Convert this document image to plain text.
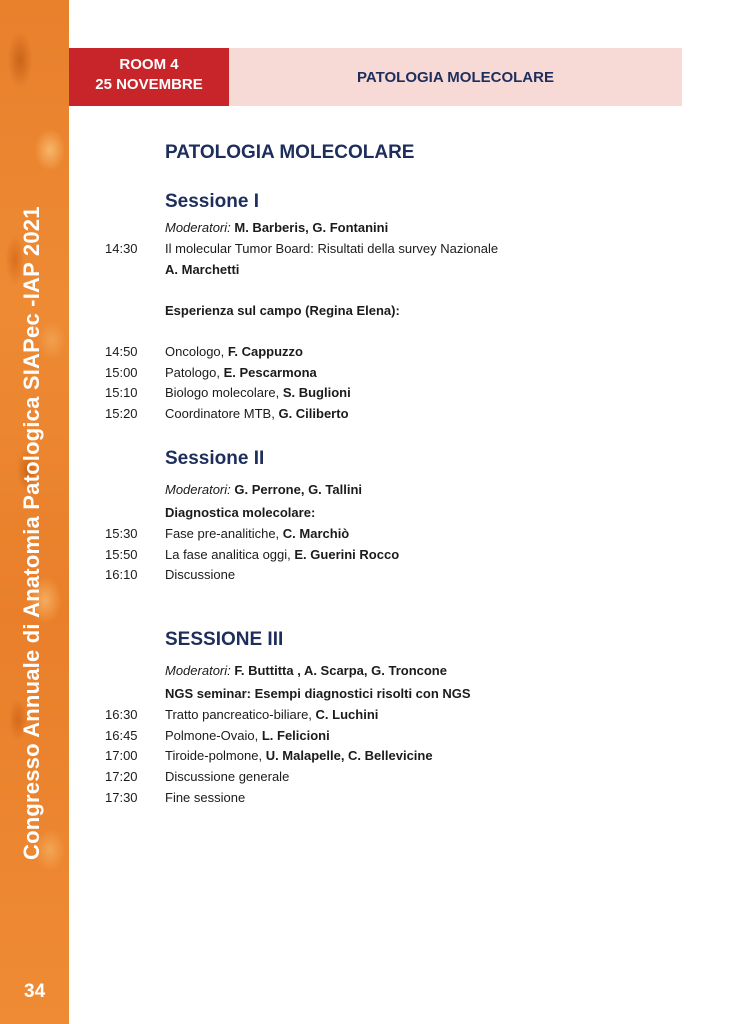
Congresso Annuale di Anatomia Patologica SIAPec -IAP 2021
34
ROOM 4
25 NOVEMBRE	PATOLOGIA MOLECOLARE
PATOLOGIA MOLECOLARE
Sessione I
Moderatori: M. Barberis, G. Fontanini
14:30 Il molecular Tumor Board: Risultati della survey Nazionale
A. Marchetti
Esperienza sul campo (Regina Elena):
14:50 Oncologo, F. Cappuzzo
15:00 Patologo, E. Pescarmona
15:10 Biologo molecolare, S. Buglioni
15:20 Coordinatore MTB, G. Ciliberto
Sessione II
Moderatori: G. Perrone, G. Tallini
Diagnostica molecolare:
15:30 Fase pre-analitiche, C. Marchiò
15:50 La fase analitica oggi, E. Guerini Rocco
16:10 Discussione
SESSIONE III
Moderatori: F. Buttitta , A. Scarpa, G. Troncone
NGS seminar: Esempi diagnostici risolti con NGS
16:30 Tratto pancreatico-biliare, C. Luchini
16:45 Polmone-Ovaio, L. Felicioni
17:00 Tiroide-polmone, U. Malapelle, C. Bellevicine
17:20 Discussione generale
17:30 Fine sessione
